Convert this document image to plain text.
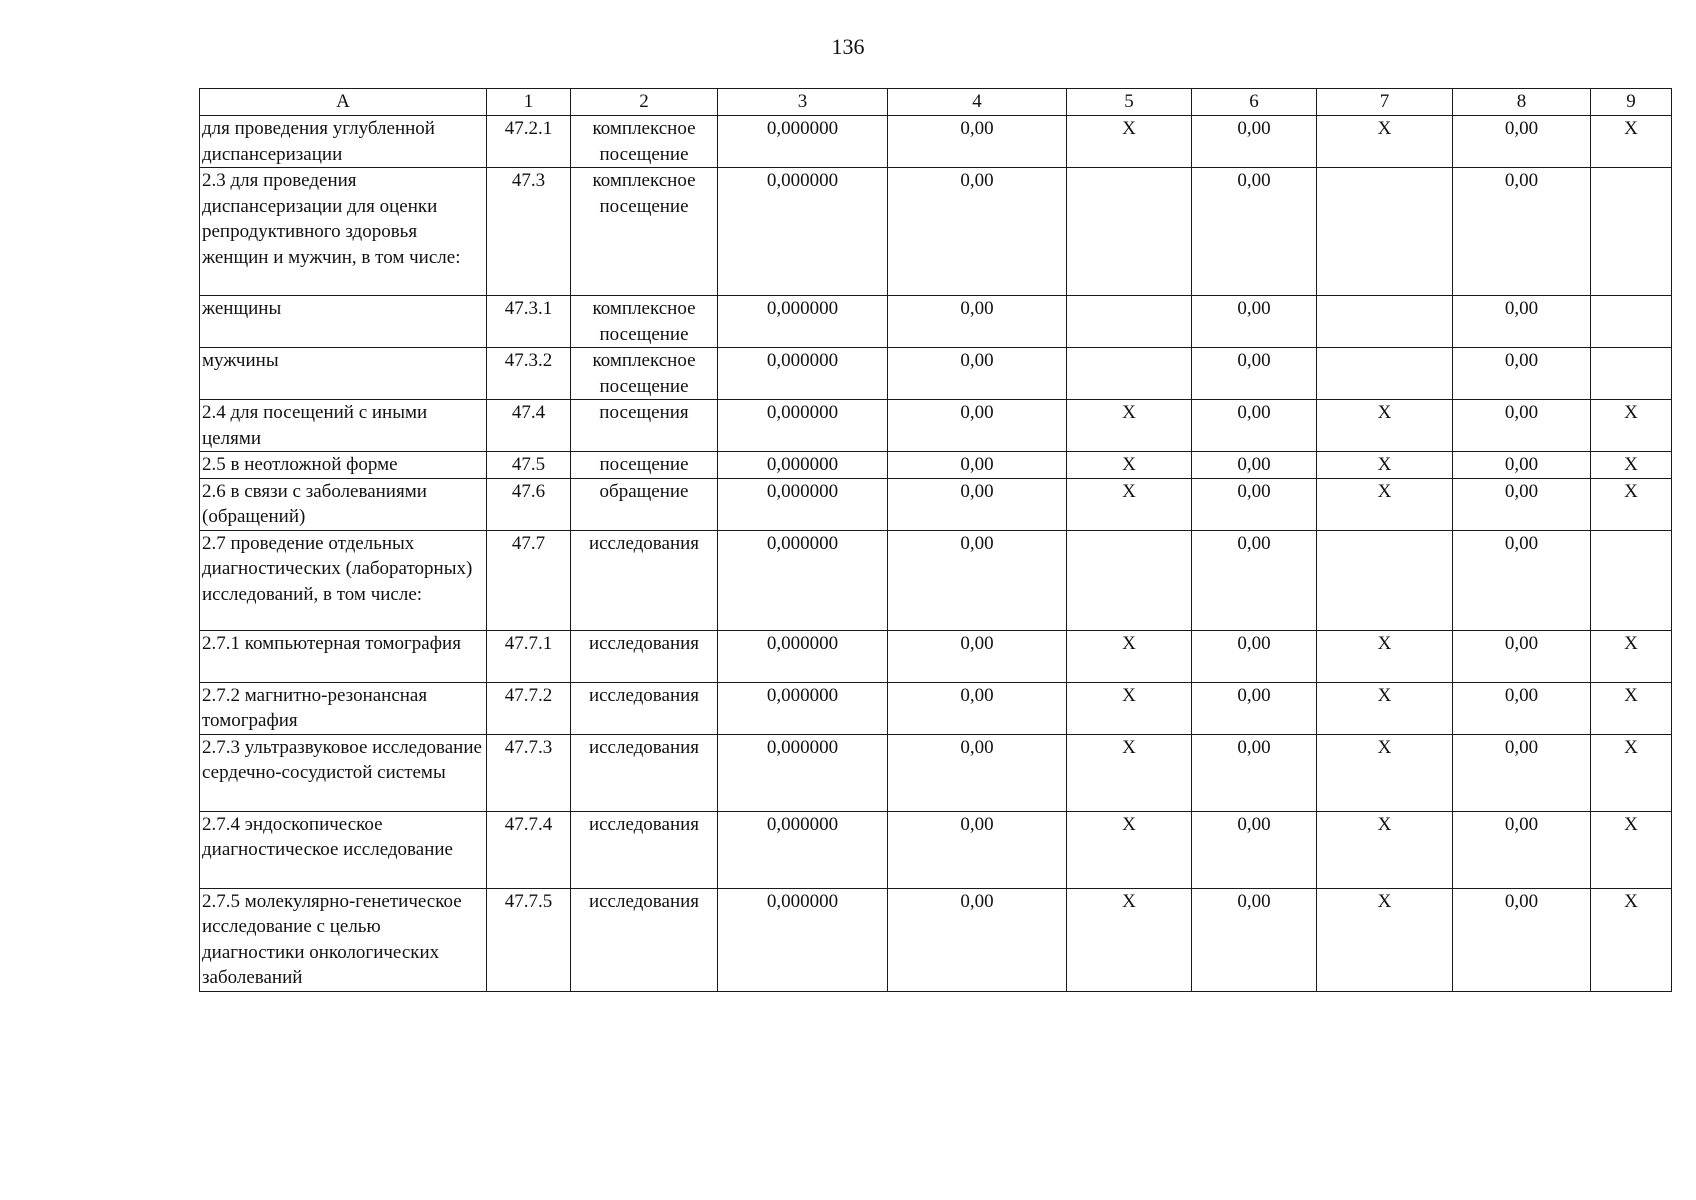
136
А	1	2	3	4	5	6	7	8	9
для проведения углубленной диспансеризации	47.2.1	комплексное посещение	0,000000	0,00	Х	0,00	Х	0,00	Х
2.3 для проведения диспансеризации для оценки репродуктивного здоровья женщин и мужчин, в том числе:	47.3	комплексное посещение	0,000000	0,00		0,00		0,00	
женщины	47.3.1	комплексное посещение	0,000000	0,00		0,00		0,00	
мужчины	47.3.2	комплексное посещение	0,000000	0,00		0,00		0,00	
2.4 для посещений с иными целями	47.4	посещения	0,000000	0,00	Х	0,00	Х	0,00	Х
2.5 в неотложной форме	47.5	посещение	0,000000	0,00	Х	0,00	Х	0,00	Х
2.6 в связи с заболеваниями (обращений)	47.6	обращение	0,000000	0,00	Х	0,00	Х	0,00	Х
2.7 проведение отдельных диагностических (лабораторных) исследований, в том числе:	47.7	исследования	0,000000	0,00		0,00		0,00	
2.7.1 компьютерная томография	47.7.1	исследования	0,000000	0,00	Х	0,00	Х	0,00	Х
2.7.2 магнитно-резонансная томография	47.7.2	исследования	0,000000	0,00	Х	0,00	Х	0,00	Х
2.7.3 ультразвуковое исследование сердечно-сосудистой системы	47.7.3	исследования	0,000000	0,00	Х	0,00	Х	0,00	Х
2.7.4 эндоскопическое диагностическое исследование	47.7.4	исследования	0,000000	0,00	Х	0,00	Х	0,00	Х
2.7.5 молекулярно-генетическое исследование с целью диагностики онкологических заболеваний	47.7.5	исследования	0,000000	0,00	Х	0,00	Х	0,00	Х
